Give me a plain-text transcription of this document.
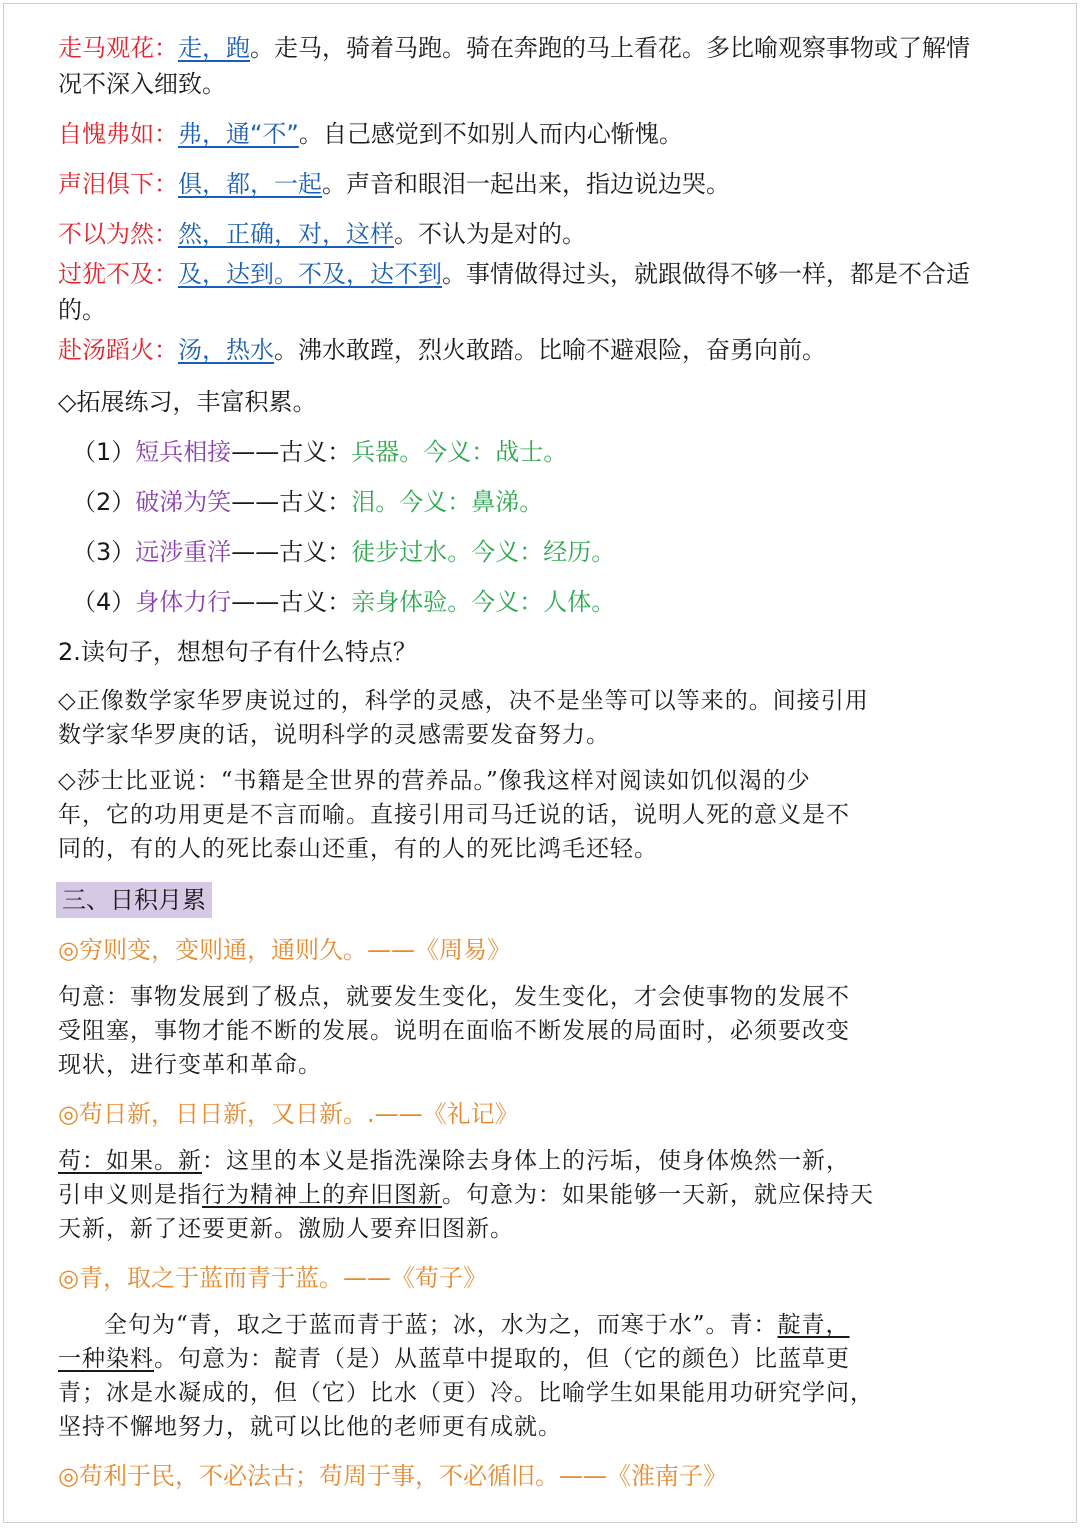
走马观花：走，跑。走马，骑着马跑。骑在奔跑的马上看花。多比喻观察事物或了解情

况不深入细致。

自愧弗如：弗，通“不”。自己感觉到不如别人而内心惭愧。

声泪俱下：俱，都，一起。声音和眼泪一起出来，指边说边哭。

不以为然：然，正确，对，这样。不认为是对的。

过犹不及：及，达到。不及，达不到。事情做得过头，就跟做得不够一样，都是不合适

的。

赴汤蹈火：汤，热水。沸水敢蹚，烈火敢踏。比喻不避艰险，奋勇向前。

◇拓展练习，丰富积累。

（1）短兵相接——古义：兵器。今义：战士。

（2）破涕为笑——古义：泪。今义：鼻涕。

（3）远涉重洋——古义：徒步过水。今义：经历。

（4）身体力行——古义：亲身体验。今义：人体。

2.读句子，想想句子有什么特点？

◇正像数学家华罗庚说过的，科学的灵感，决不是坐等可以等来的。间接引用

数学家华罗庚的话，说明科学的灵感需要发奋努力。

◇莎士比亚说：“书籍是全世界的营养品。”像我这样对阅读如饥似渴的少

年，它的功用更是不言而喻。直接引用司马迁说的话，说明人死的意义是不

同的，有的人的死比泰山还重，有的人的死比鸿毛还轻。

三、日积月累

◎穷则变，变则通，通则久。——《周易》

句意：事物发展到了极点，就要发生变化，发生变化，才会使事物的发展不

受阻塞，事物才能不断的发展。说明在面临不断发展的局面时，必须要改变

现状，进行变革和革命。

◎苟日新，日日新，又日新。.——《礼记》

苟：如果。新：这里的本义是指洗澡除去身体上的污垢，使身体焕然一新，

引申义则是指行为精神上的弃旧图新。句意为：如果能够一天新，就应保持天

天新，新了还要更新。激励人要弃旧图新。

◎青，取之于蓝而青于蓝。——《荀子》

全句为“青，取之于蓝而青于蓝；冰，水为之，而寒于水”。青：靛青，

一种染料。句意为：靛青（是）从蓝草中提取的，但（它的颜色）比蓝草更

青；冰是水凝成的，但（它）比水（更）冷。比喻学生如果能用功研究学问，

坚持不懈地努力，就可以比他的老师更有成就。

◎苟利于民，不必法古；苟周于事，不必循旧。——《淮南子》
